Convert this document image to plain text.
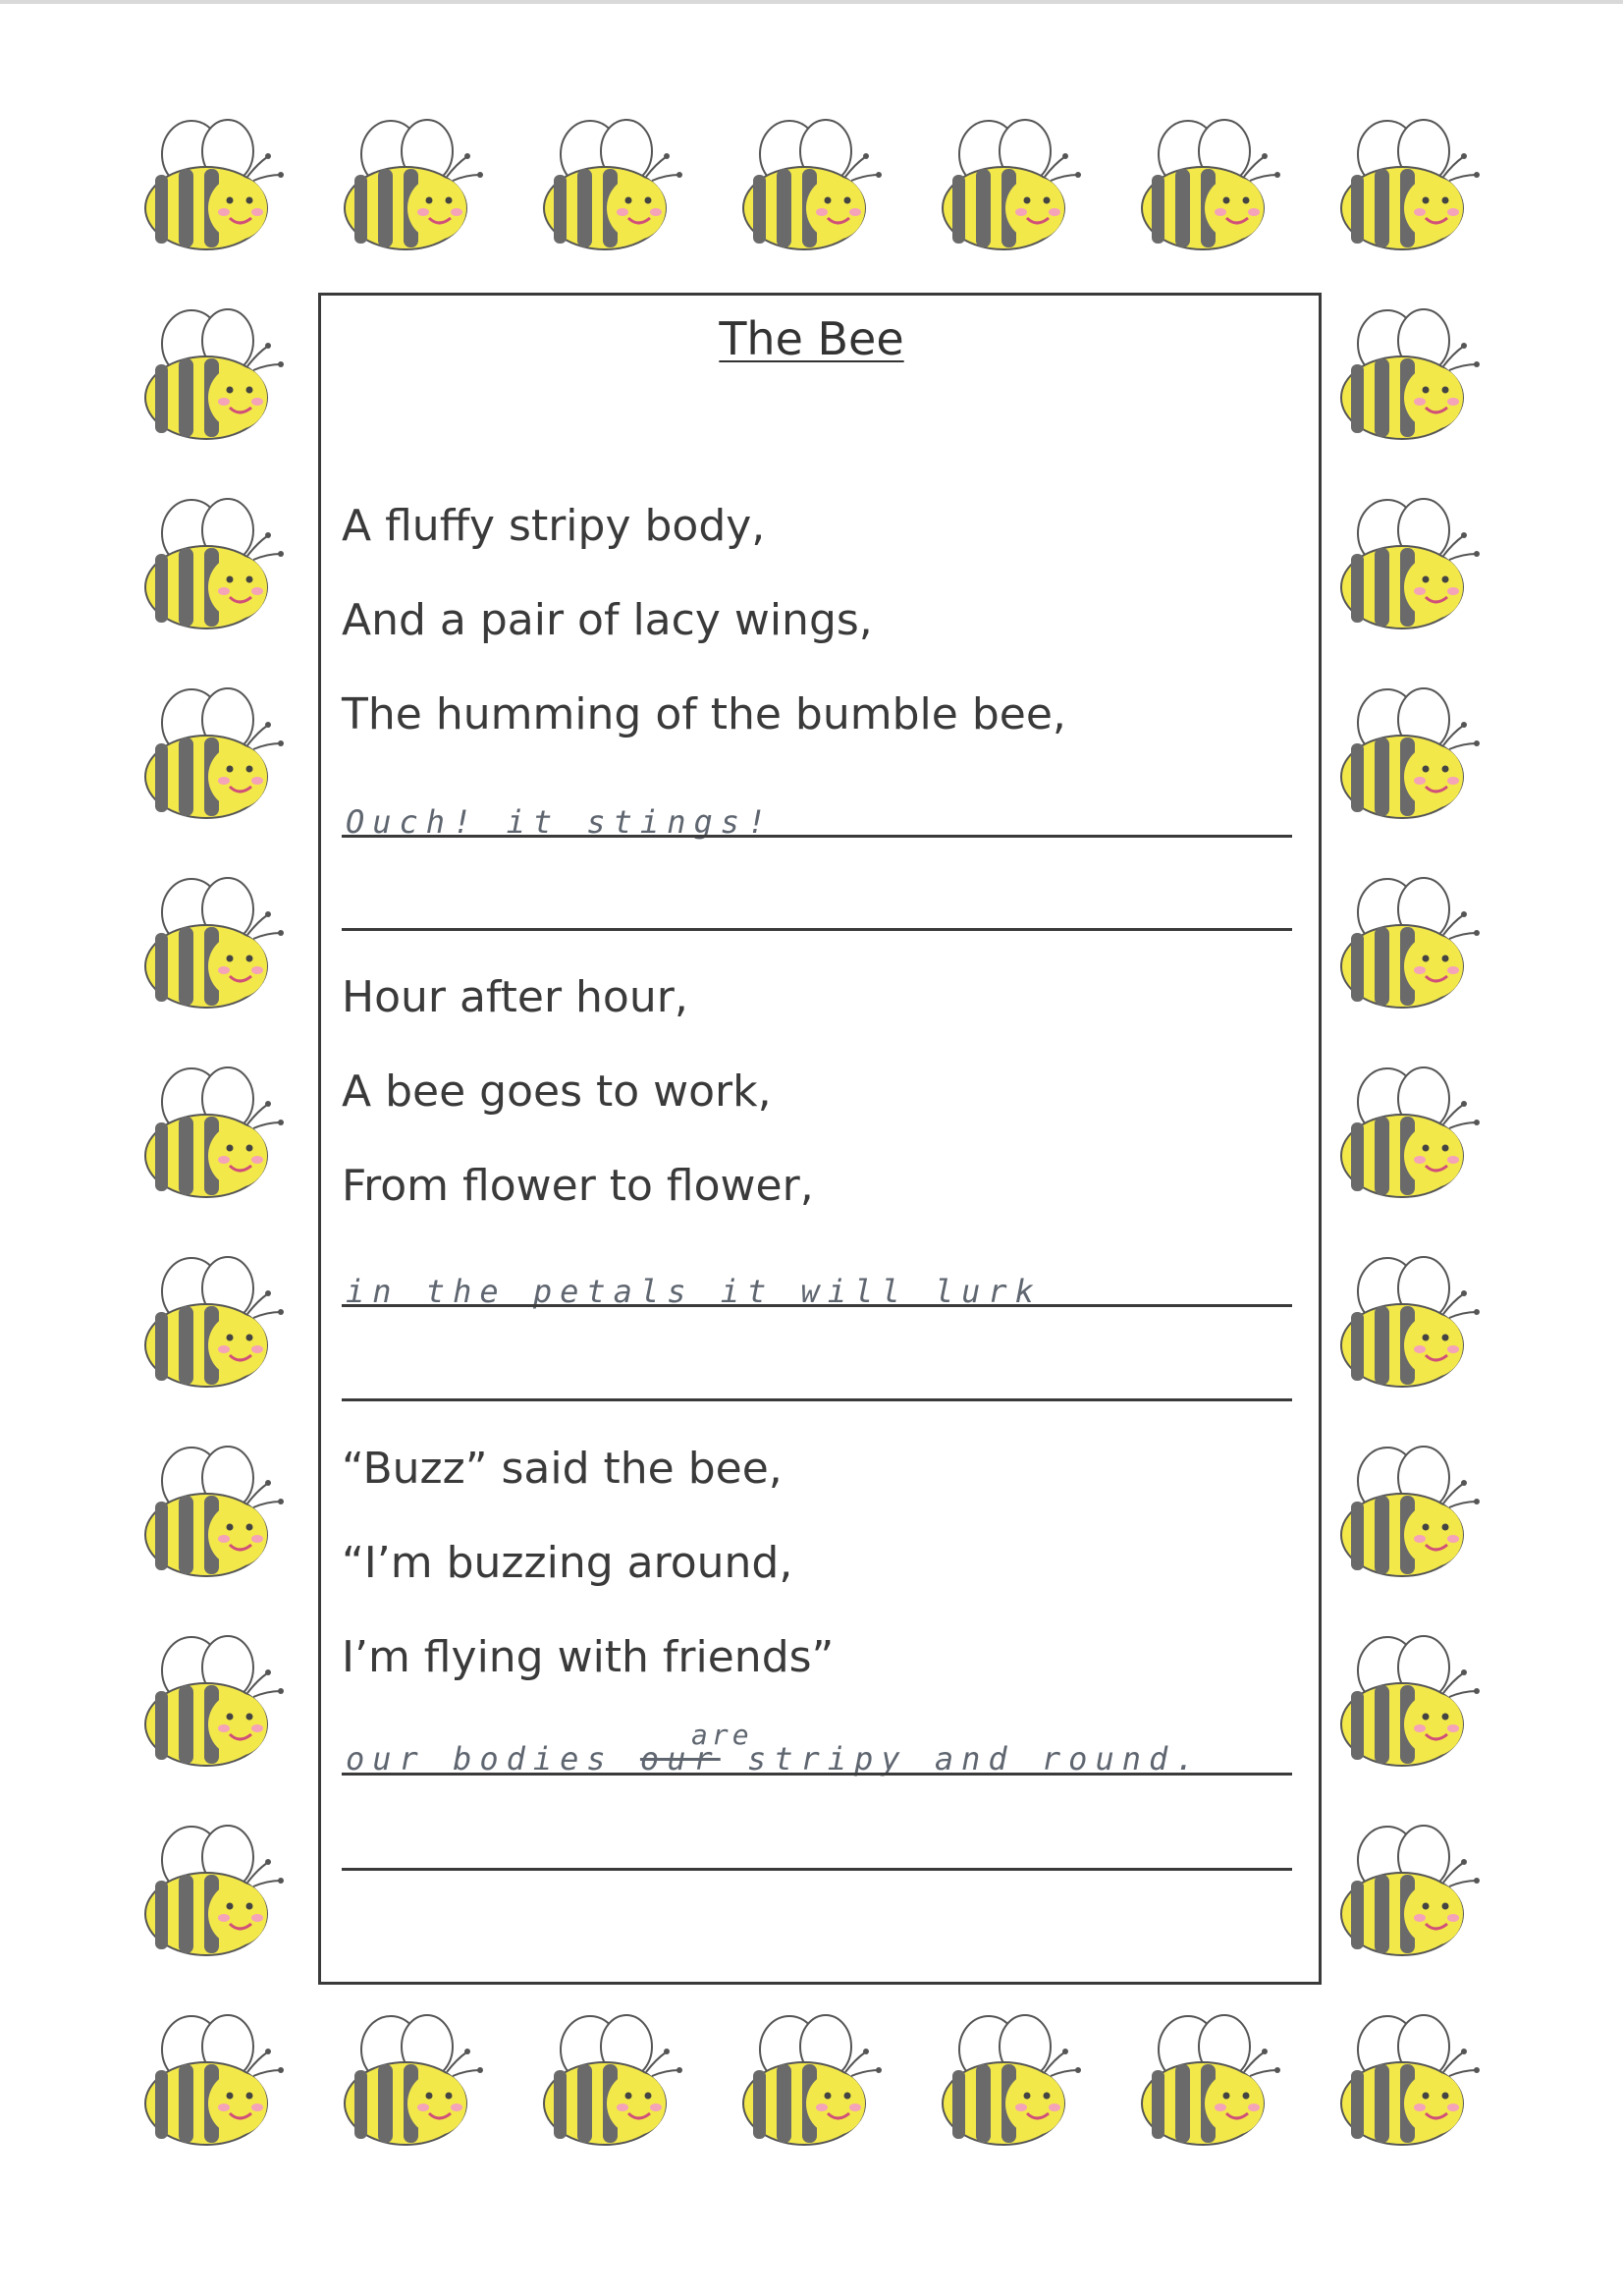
The Bee

A fluffy stripy body,

And a pair of lacy wings,

The humming of the bumble bee,

Ouch! it stings!

Hour after hour,

A bee goes to work,

From flower to flower,

in the petals it will lurk

“Buzz” said the bee,

“I’m buzzing around,

I’m flying with friends”

our bodies our stripy and round.
are
